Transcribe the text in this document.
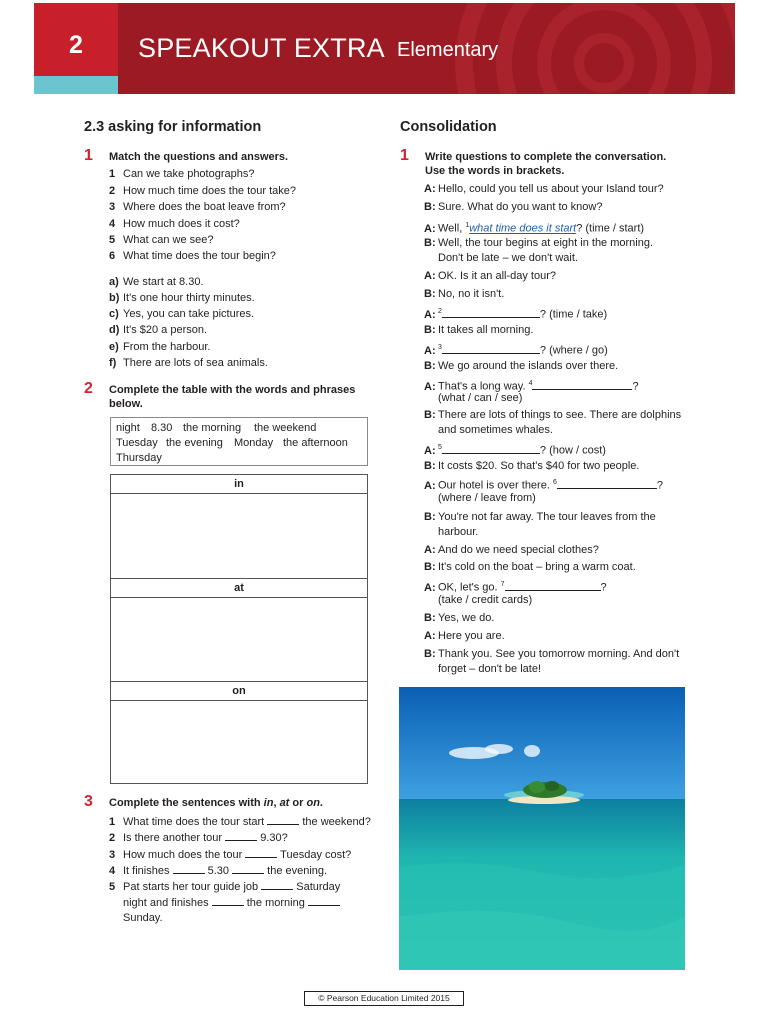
2	SPEAKOUT EXTRA Elementary
2.3 asking for information
1 Match the questions and answers.
1 Can we take photographs?
2 How much time does the tour take?
3 Where does the boat leave from?
4 How much does it cost?
5 What can we see?
6 What time does the tour begin?
a) We start at 8.30.
b) It's one hour thirty minutes.
c) Yes, you can take pictures.
d) It's $20 a person.
e) From the harbour.
f) There are lots of sea animals.
2 Complete the table with the words and phrases
below.
night 8.30 the morning the weekend
Tuesday the evening Monday the afternoon
Thursday
in
at
on
3 Complete the sentences with in, at or on.
1 What time does the tour start	the weekend?
2 Is there another tour	9.30?
3 How much does the tour	Tuesday cost?
4 It finishes	5.30	the evening.
5 Pat starts her tour guide job	Saturday
night and finishes	the morning
Sunday.
Consolidation
1 Write questions to complete the conversation.
Use the words in brackets.
A: Hello, could you tell us about your Island tour?
B: Sure. What do you want to know?
A: Well, $^1$what time does it start? (time / start)
B: Well, the tour begins at eight in the morning.
Don't be late – we don't wait.
A: OK. Is it an all-day tour?
B: No, no it isn't.
A: $^2$	? (time / take)
B: It takes all morning.
A: $^3$	? (where / go)
B: We go around the islands over there.
A: That's a long way. $^4$	?
(what / can / see)
B: There are lots of things to see. There are dolphins
and sometimes whales.
A: $^5$	? (how / cost)
B: It costs $20. So that's $40 for two people.
A: Our hotel is over there. $^6$	?
(where / leave from)
B: You're not far away. The tour leaves from the
harbour.
A: And do we need special clothes?
B: It's cold on the boat – bring a warm coat.
A: OK, let's go. $^7$	?
(take / credit cards)
B: Yes, we do.
A: Here you are.
B: Thank you. See you tomorrow morning. And don't
forget – don't be late!
© Pearson Education Limited 2015
